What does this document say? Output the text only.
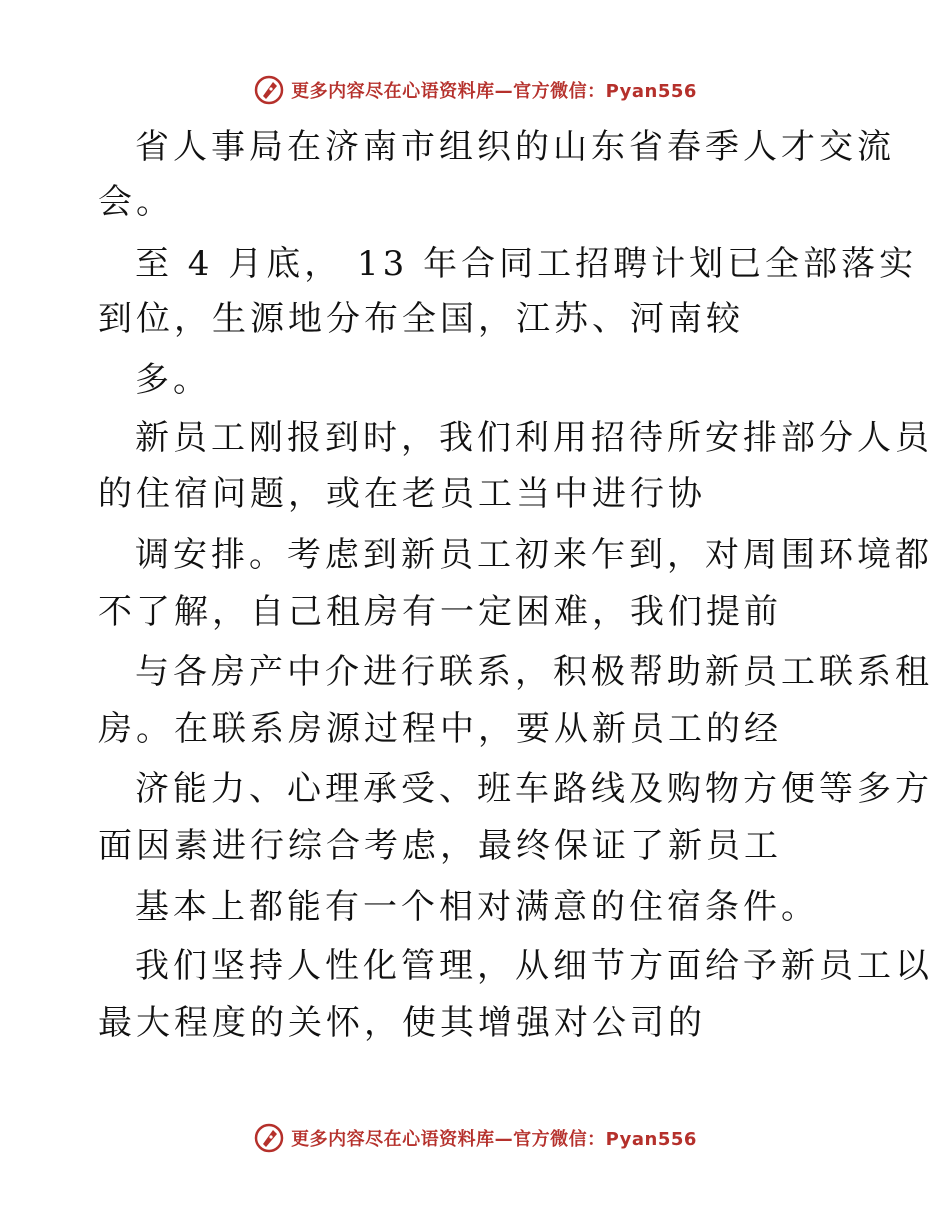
更多内容尽在心语资料库—官方微信：Pyan556
省人事局在济南市组织的山东省春季人才交流
会。
至 4 月底， 13 年合同工招聘计划已全部落实
到位，生源地分布全国，江苏、河南较
多。
新员工刚报到时，我们利用招待所安排部分人员
的住宿问题，或在老员工当中进行协
调安排。考虑到新员工初来乍到，对周围环境都
不了解，自己租房有一定困难，我们提前
与各房产中介进行联系，积极帮助新员工联系租
房。在联系房源过程中，要从新员工的经
济能力、心理承受、班车路线及购物方便等多方
面因素进行综合考虑，最终保证了新员工
基本上都能有一个相对满意的住宿条件。
我们坚持人性化管理，从细节方面给予新员工以
最大程度的关怀，使其增强对公司的
更多内容尽在心语资料库—官方微信：Pyan556
